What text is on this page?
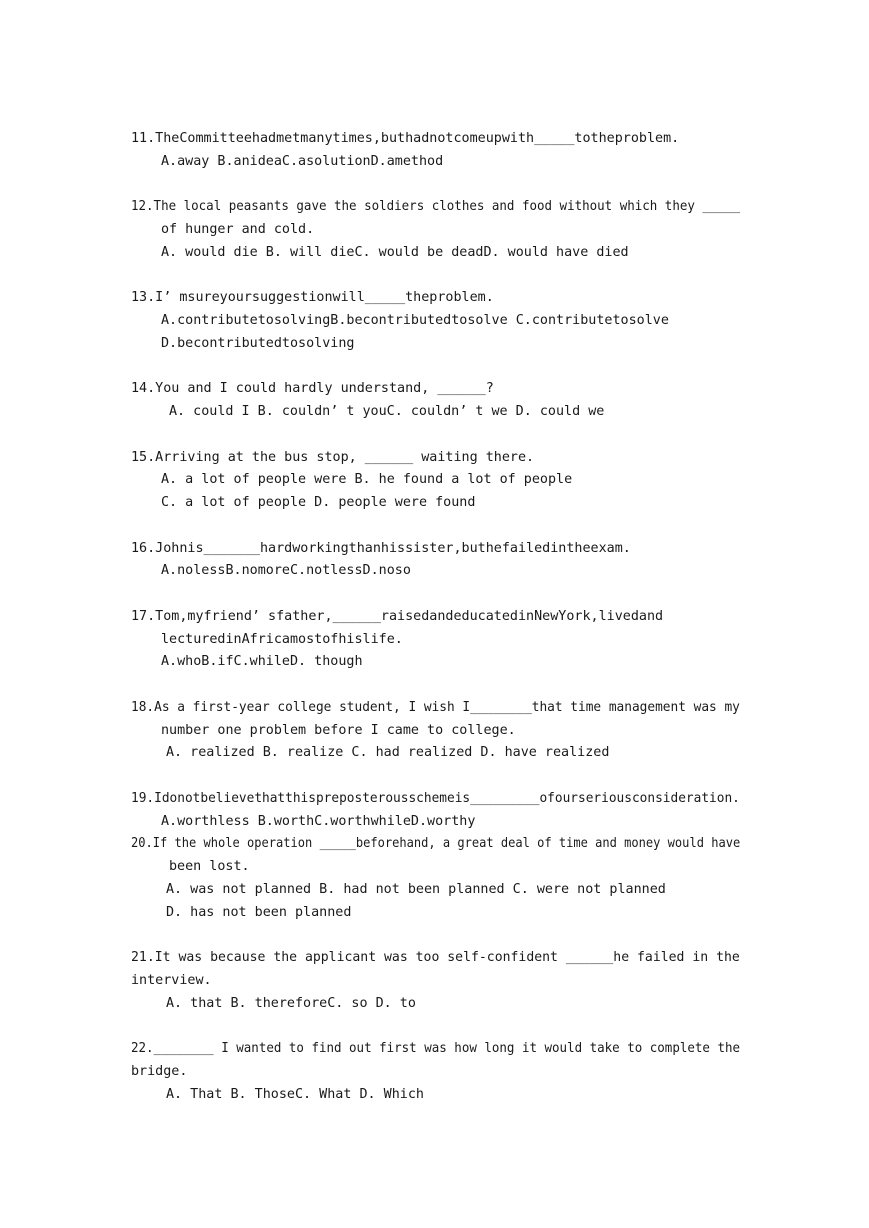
11.TheCommitteehadmetmanytimes,buthadnotcomeupwith_____totheproblem.
A.away B.anideaC.asolutionD.amethod
12.The local peasants gave the soldiers clothes and food without which they _____
of hunger and cold.
A. would die B. will dieC. would be deadD. would have died
13.I’ msureyoursuggestionwill_____theproblem.
A.contributetosolvingB.becontributedtosolve C.contributetosolve
D.becontributedtosolving
14.You and I could hardly understand, ______?
A. could I B. couldn’ t youC. couldn’ t we D. could we
15.Arriving at the bus stop, ______ waiting there.
A. a lot of people were B. he found a lot of people
C. a lot of people D. people were found
16.Johnis_______hardworkingthanhissister,buthefailedintheexam.
A.nolessB.nomoreC.notlessD.noso
17.Tom,myfriend’ sfather,______raisedandeducatedinNewYork,livedand
lecturedinAfricamostofhislife.
A.whoB.ifC.whileD. though
18.As a first-year college student, I wish I________that time management was my
number one problem before I came to college.
A. realized B. realize C. had realized D. have realized
19.Idonotbelievethatthispreposterousschemeis_________ofourseriousconsideration.
A.worthless B.worthC.worthwhileD.worthy
20.If the whole operation _____beforehand, a great deal of time and money would have
been lost.
A. was not planned B. had not been planned C. were not planned
D. has not been planned
21.It was because the applicant was too self-confident ______he failed in the
interview.
A. that B. thereforeC. so D. to
22.________ I wanted to find out first was how long it would take to complete the
bridge.
A. That B. ThoseC. What D. Which
